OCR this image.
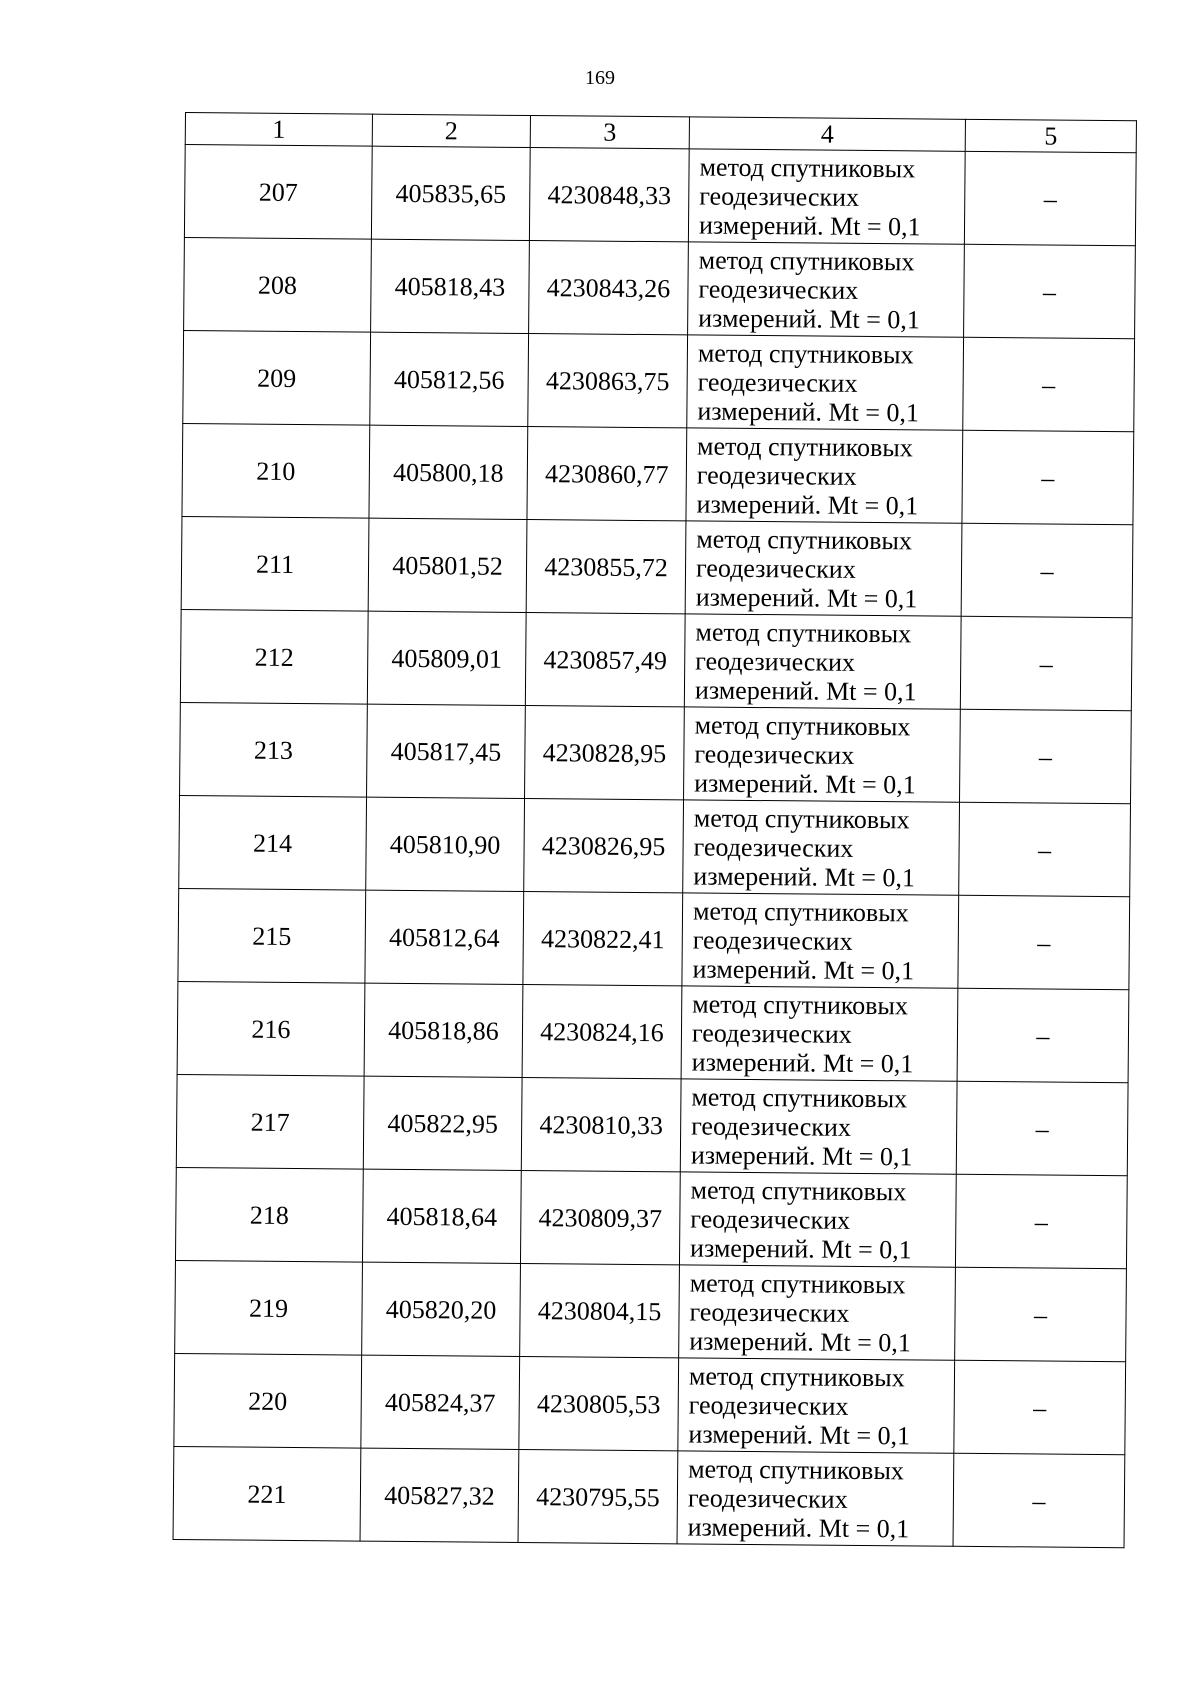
169
1	2	3	4	5
207	405835,65	4230848,33	метод спутниковых
геодезических
измерений. Mt = 0,1	–
208	405818,43	4230843,26	метод спутниковых
геодезических
измерений. Mt = 0,1	–
209	405812,56	4230863,75	метод спутниковых
геодезических
измерений. Mt = 0,1	–
210	405800,18	4230860,77	метод спутниковых
геодезических
измерений. Mt = 0,1	–
211	405801,52	4230855,72	метод спутниковых
геодезических
измерений. Mt = 0,1	–
212	405809,01	4230857,49	метод спутниковых
геодезических
измерений. Mt = 0,1	–
213	405817,45	4230828,95	метод спутниковых
геодезических
измерений. Mt = 0,1	–
214	405810,90	4230826,95	метод спутниковых
геодезических
измерений. Mt = 0,1	–
215	405812,64	4230822,41	метод спутниковых
геодезических
измерений. Mt = 0,1	–
216	405818,86	4230824,16	метод спутниковых
геодезических
измерений. Mt = 0,1	–
217	405822,95	4230810,33	метод спутниковых
геодезических
измерений. Mt = 0,1	–
218	405818,64	4230809,37	метод спутниковых
геодезических
измерений. Mt = 0,1	–
219	405820,20	4230804,15	метод спутниковых
геодезических
измерений. Mt = 0,1	–
220	405824,37	4230805,53	метод спутниковых
геодезических
измерений. Mt = 0,1	–
221	405827,32	4230795,55	метод спутниковых
геодезических
измерений. Mt = 0,1	–
